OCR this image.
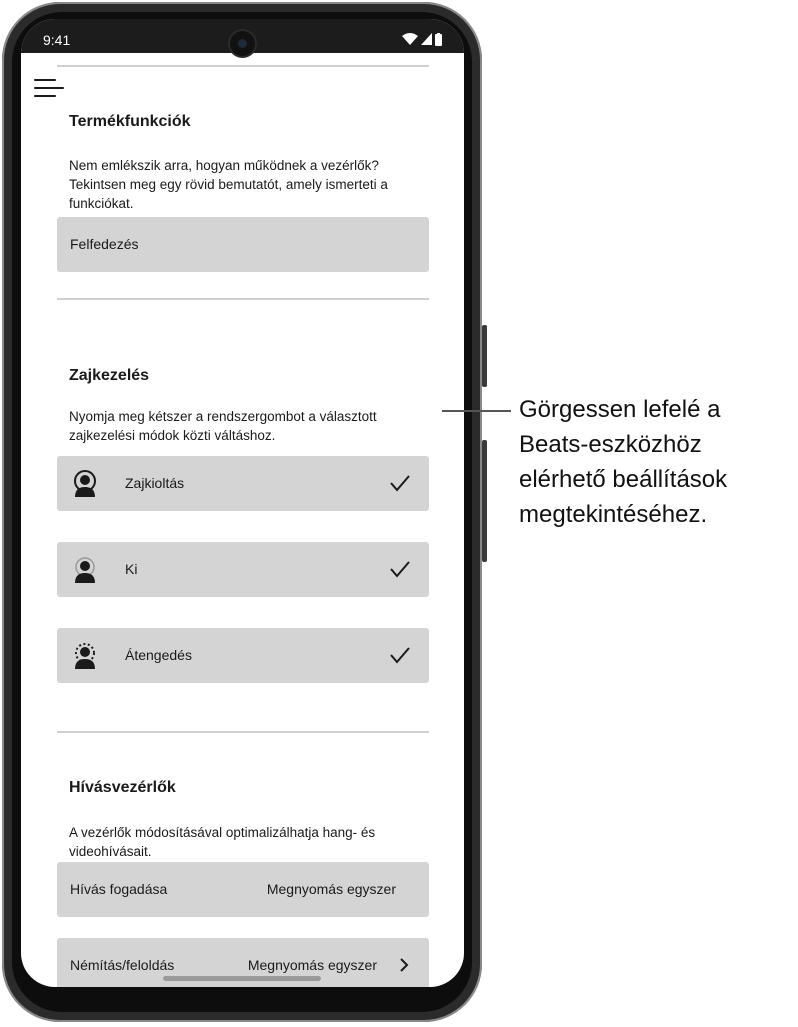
9:41
Termékfunkciók
Nem emlékszik arra, hogyan működnek a vezérlők? Tekintsen meg egy rövid bemutatót, amely ismerteti a funkciókat.
Felfedezés
Zajkezelés
Nyomja meg kétszer a rendszergombot a választott zajkezelési módok közti váltáshoz.
Zajkioltás
Ki
Átengedés
Hívásvezérlők
A vezérlők módosításával optimalizálhatja hang- és videohívásait.
Hívás fogadása	Megnyomás egyszer
Némítás/feloldás	Megnyomás egyszer
Görgessen lefelé a Beats-eszközhöz elérhető beállítások megtekintéséhez.
